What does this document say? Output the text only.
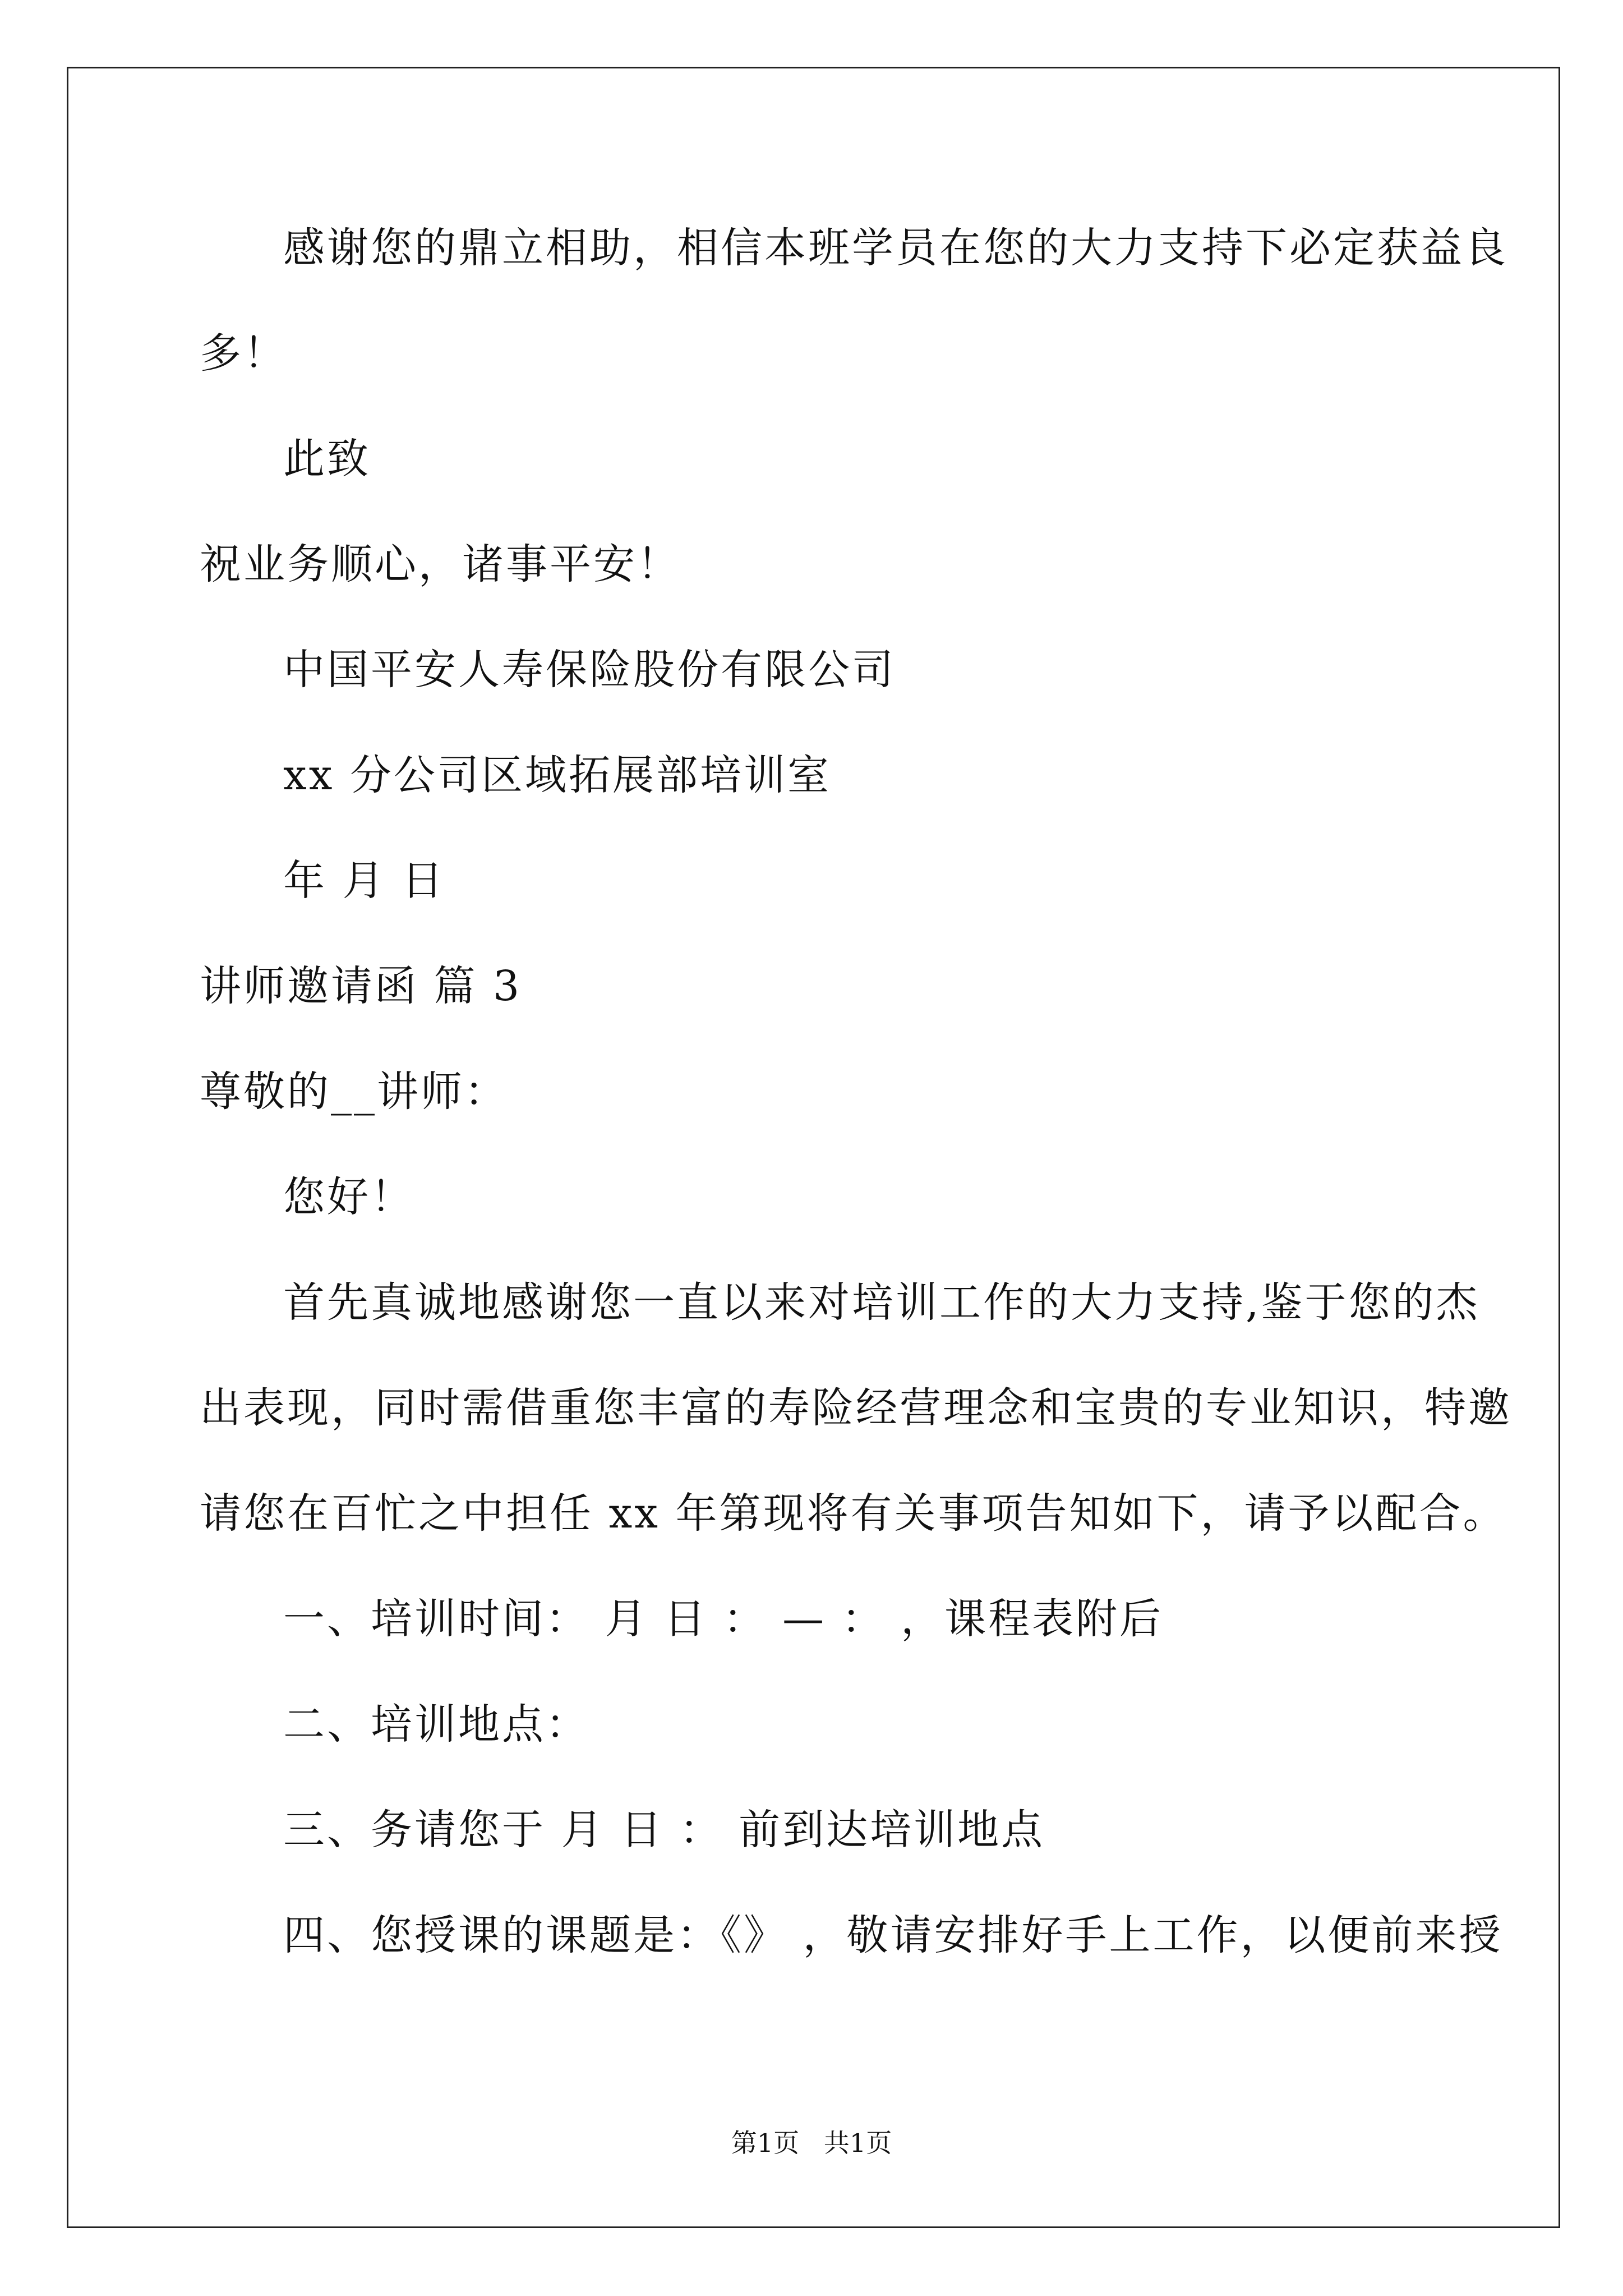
感谢您的鼎立相助，相信本班学员在您的大力支持下必定获益良
多！
此致
祝业务顺心，诸事平安！
中国平安人寿保险股份有限公司
xx 分公司区域拓展部培训室
年 月 日
讲师邀请函 篇 3
尊敬的__讲师：
您好！
首先真诚地感谢您一直以来对培训工作的大力支持,鉴于您的杰
出表现，同时需借重您丰富的寿险经营理念和宝贵的专业知识，特邀
请您在百忙之中担任 xx 年第现将有关事项告知如下，请予以配合。
一、培训时间： 月 日 ： — ： ，课程表附后
二、培训地点：
三、务请您于 月 日 ： 前到达培训地点
四、您授课的课题是：《》 ，敬请安排好手上工作，以便前来授
第1页   共1页
